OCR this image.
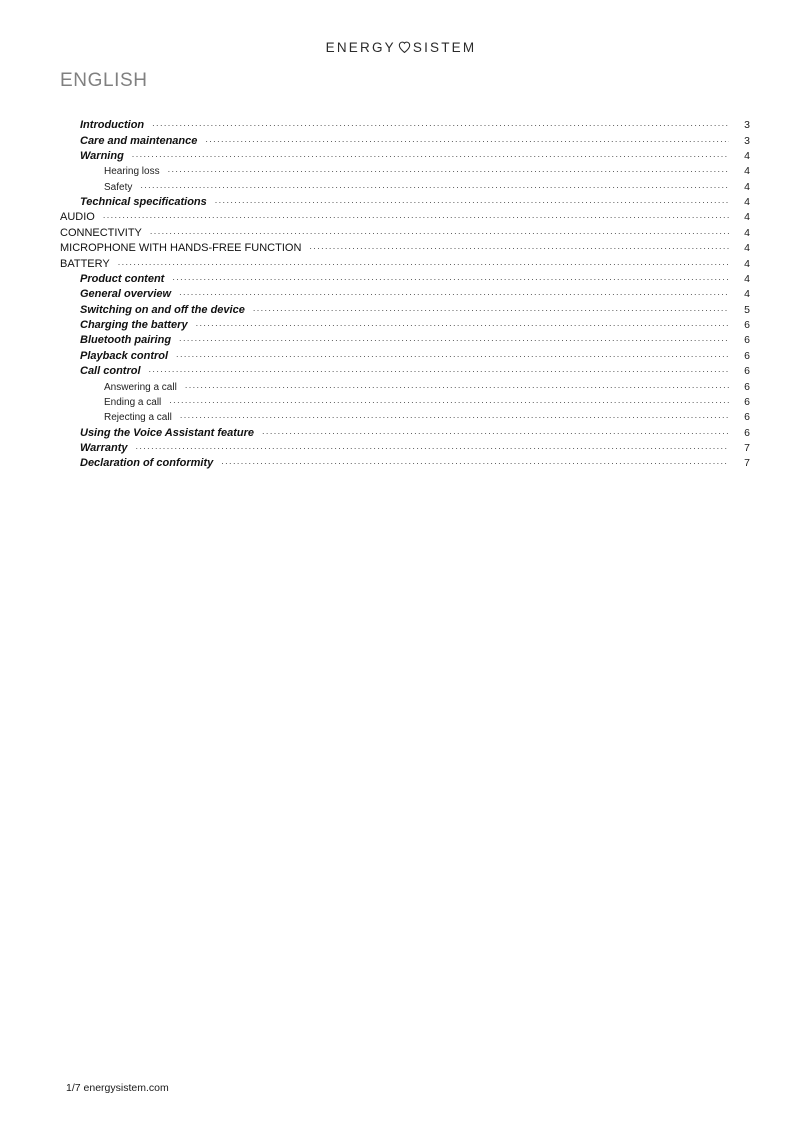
ENERGY SISTEM
ENGLISH
Introduction .....	3
Care and maintenance .....	3
Warning .....	4
Hearing loss .....	4
Safety .....	4
Technical specifications .....	4
AUDIO .....	4
CONNECTIVITY .....	4
MICROPHONE WITH HANDS-FREE FUNCTION .....	4
BATTERY .....	4
Product content .....	4
General overview .....	4
Switching on and off the device .....	5
Charging the battery .....	6
Bluetooth pairing .....	6
Playback control .....	6
Call control .....	6
Answering a call .....	6
Ending a call .....	6
Rejecting a call .....	6
Using the Voice Assistant feature .....	6
Warranty .....	7
Declaration of conformity .....	7
1/7 energysistem.com
